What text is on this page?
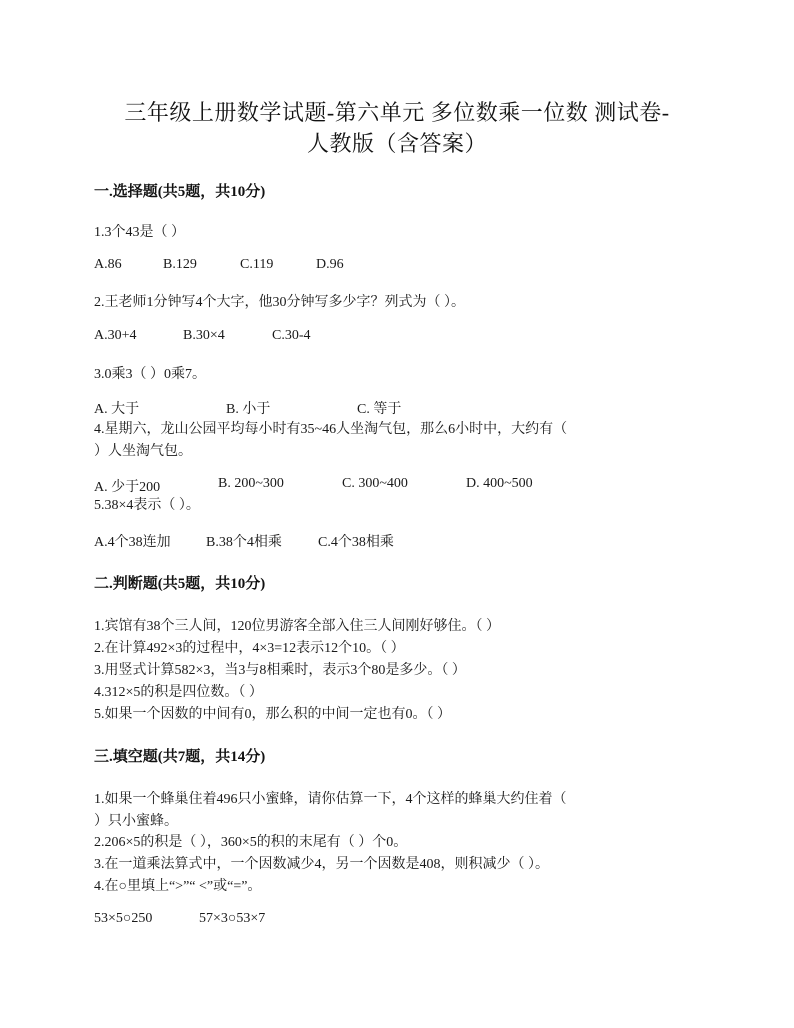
三年级上册数学试题-第六单元 多位数乘一位数 测试卷-
人教版（含答案）
一.选择题(共5题，共10分)
1.3个43是（ ）
A.86	B.129	C.119	D.96
2.王老师1分钟写4个大字，他30分钟写多少字？列式为（ ）。
A.30+4	B.30×4	C.30-4
3.0乘3（ ）0乘7。
A. 大于	B. 小于	C. 等于
4.星期六，龙山公园平均每小时有35~46人坐淘气包，那么6小时中，大约有（
）人坐淘气包。
A. 少于200	B. 200~300	C. 300~400	D. 400~500
5.38×4表示（ ）。
A.4个38连加	B.38个4相乘	C.4个38相乘
二.判断题(共5题，共10分)
1.宾馆有38个三人间，120位男游客全部入住三人间刚好够住。（ ）
2.在计算492×3的过程中，4×3=12表示12个10。（ ）
3.用竖式计算582×3，当3与8相乘时，表示3个80是多少。（ ）
4.312×5的积是四位数。（ ）
5.如果一个因数的中间有0，那么积的中间一定也有0。（ ）
三.填空题(共7题，共14分)
1.如果一个蜂巢住着496只小蜜蜂，请你估算一下，4个这样的蜂巢大约住着（
）只小蜜蜂。
2.206×5的积是（ ），360×5的积的末尾有（ ）个0。
3.在一道乘法算式中，一个因数减少4，另一个因数是408，则积减少（ ）。
4.在○里填上“>”“ <”或“=”。
53×5○250	57×3○53×7
